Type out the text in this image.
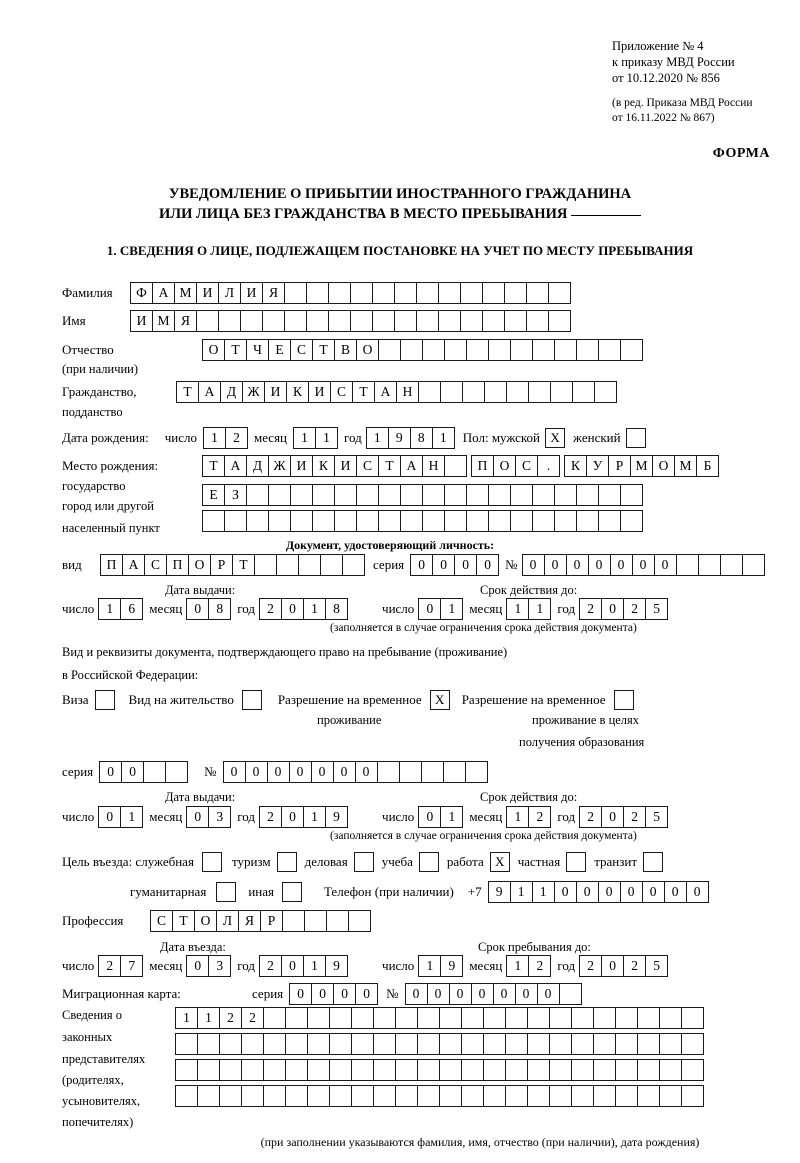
Приложение № 4
к приказу МВД России
от 10.12.2020 № 856
(в ред. Приказа МВД России
от 16.11.2022 № 867)
ФОРМА
УВЕДОМЛЕНИЕ О ПРИБЫТИИ ИНОСТРАННОГО ГРАЖДАНИНА
ИЛИ ЛИЦА БЕЗ ГРАЖДАНСТВА В МЕСТО ПРЕБЫВАНИЯ
1. СВЕДЕНИЯ О ЛИЦЕ, ПОДЛЕЖАЩЕМ ПОСТАНОВКЕ НА УЧЕТ ПО МЕСТУ ПРЕБЫВАНИЯ
Фамилия	Ф А М И Л И Я
Имя	И М Я
Отчество	О Т Ч Е С Т В О
(при наличии)
Гражданство,	Т А Д Ж И К И С Т А Н
подданство
Дата рождения: число	1	2	месяц	1	1	год 1	9	8	1	Пол: мужской X	женский
Место рождения:	Т А Д Ж И К И С Т А Н	П О С	.	К У Р М О М Б
государство
Е	З
город или другой
населенный пункт
Документ, удостоверяющий личность:
вид	П А С П О Р	Т	серия	0	0	0	0	№ 0	0	0	0	0	0	0
Дата выдачи:	Срок действия до:
число 1	6	месяц 0	8	год 2	0	1	8	число 0	1	месяц 1	1	год 2	0	2	5
(заполняется в случае ограничения срока действия документа)
Вид и реквизиты документа, подтверждающего право на пребывание (проживание)
в Российской Федерации:
Виза	Вид на жительство	Разрешение на временное	X	Разрешение на временное
проживание	проживание в целях
получения образования
серия	0	0	№	0	0	0	0	0	0	0
Дата выдачи:	Срок действия до:
число 0	1	месяц 0	3	год 2	0	1	9	число 0	1	месяц 1	2	год 2	0	2	5
(заполняется в случае ограничения срока действия документа)
Цель въезда: служебная	туризм	деловая	учеба	работа X	частная	транзит
гуманитарная	иная	Телефон (при наличии) +7	9	1	1	0	0	0	0	0	0	0
Профессия	С Т О Л Я	Р
Дата въезда:	Срок пребывания до:
число 2	7	месяц 0	3	год 2	0	1	9	число 1	9	месяц 1	2	год 2	0	2	5
Миграционная карта:	серия	0	0	0	0	№	0	0	0	0	0	0	0
Сведения о
законных
представителях
(родителях,
усыновителях,
попечителях)
1	1	2	2
(при заполнении указываются фамилия, имя, отчество (при наличии), дата рождения)
